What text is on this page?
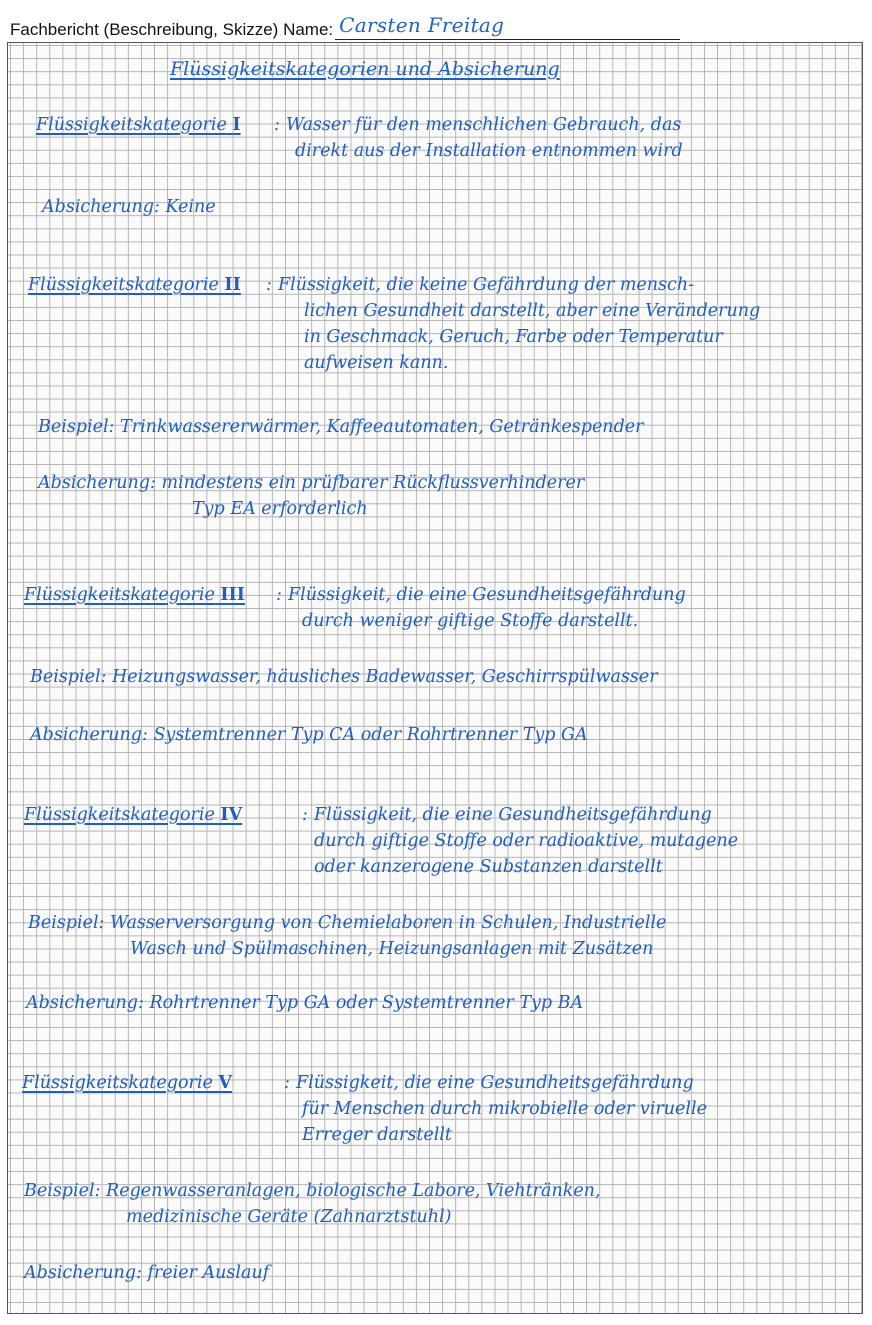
Fachbericht (Beschreibung, Skizze) Name: Carsten Freitag
Flüssigkeitskategorien und Absicherung
Flüssigkeitskategorie I : Wasser für den menschlichen Gebrauch, das
direkt aus der Installation entnommen wird
Absicherung: Keine
Flüssigkeitskategorie II : Flüssigkeit, die keine Gefährdung der mensch-
lichen Gesundheit darstellt, aber eine Veränderung
in Geschmack, Geruch, Farbe oder Temperatur
aufweisen kann.
Beispiel: Trinkwassererwärmer, Kaffeeautomaten, Getränkespender
Absicherung: mindestens ein prüfbarer Rückflussverhinderer
Typ EA erforderlich
Flüssigkeitskategorie III : Flüssigkeit, die eine Gesundheitsgefährdung
durch weniger giftige Stoffe darstellt.
Beispiel: Heizungswasser, häusliches Badewasser, Geschirrspülwasser
Absicherung: Systemtrenner Typ CA oder Rohrtrenner Typ GA
Flüssigkeitskategorie IV	: Flüssigkeit, die eine Gesundheitsgefährdung
durch giftige Stoffe oder radioaktive, mutagene
oder kanzerogene Substanzen darstellt
Beispiel: Wasserversorgung von Chemielaboren in Schulen, Industrielle
Wasch und Spülmaschinen, Heizungsanlagen mit Zusätzen
Absicherung: Rohrtrenner Typ GA oder Systemtrenner Typ BA
Flüssigkeitskategorie V	: Flüssigkeit, die eine Gesundheitsgefährdung
für Menschen durch mikrobielle oder viruelle
Erreger darstellt
Beispiel: Regenwasseranlagen, biologische Labore, Viehtränken,
medizinische Geräte (Zahnarztstuhl)
Absicherung: freier Auslauf
